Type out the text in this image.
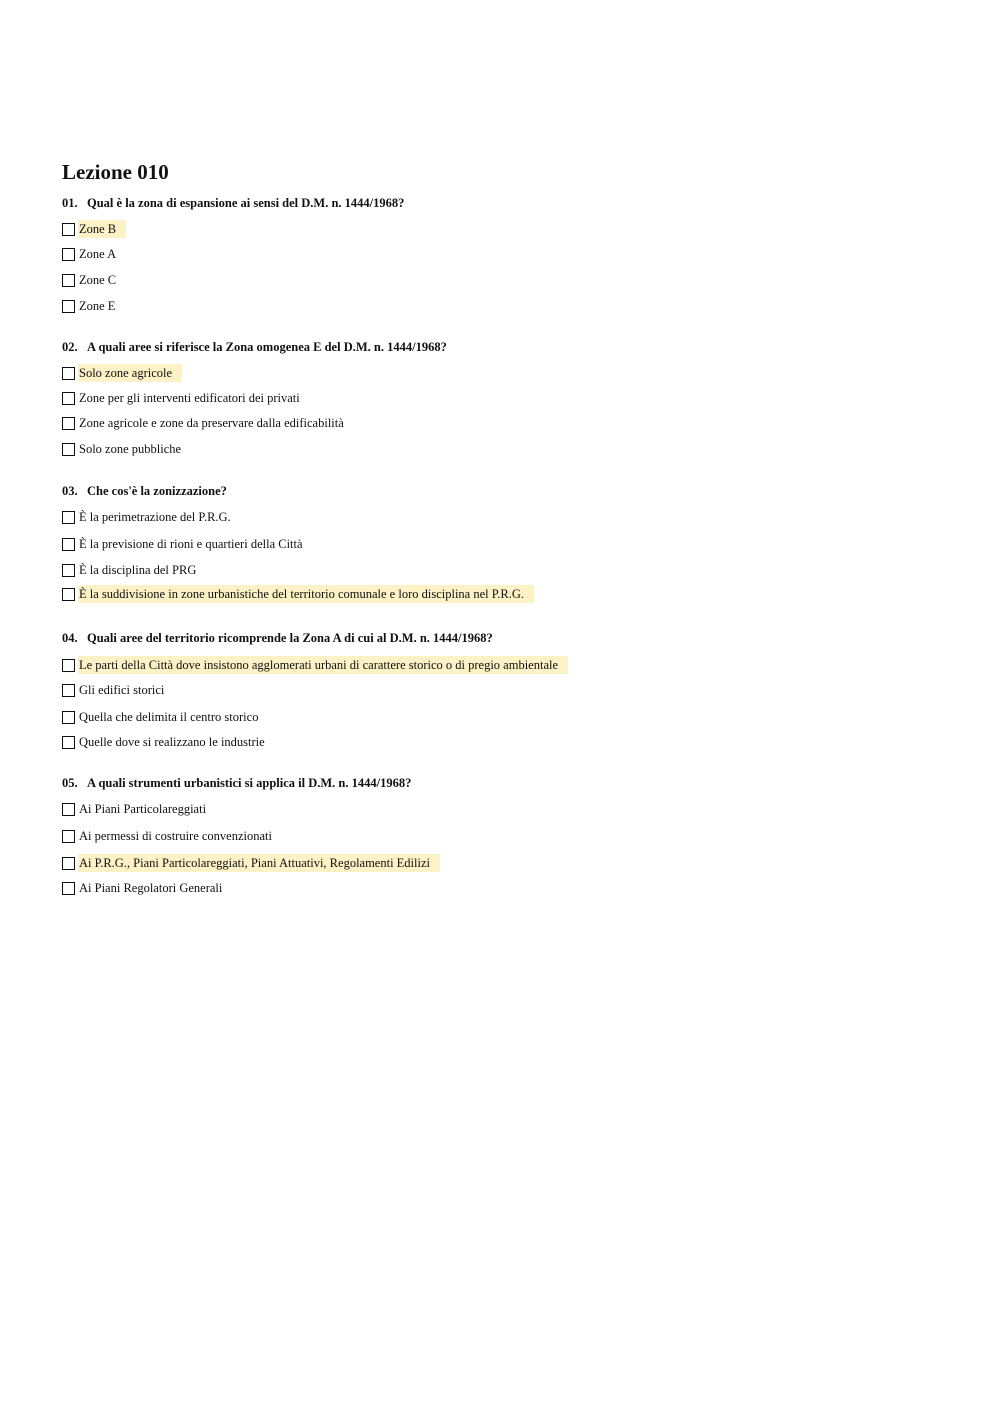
Lezione 010
01. Qual è la zona di espansione ai sensi del D.M. n. 1444/1968?
Zone B
Zone A
Zone C
Zone E
02. A quali aree si riferisce la Zona omogenea E del D.M. n. 1444/1968?
Solo zone agricole
Zone per gli interventi edificatori dei privati
Zone agricole e zone da preservare dalla edificabilità
Solo zone pubbliche
03. Che cos'è la zonizzazione?
È la perimetrazione del P.R.G.
È la previsione di rioni e quartieri della Città
È la disciplina del PRG
È la suddivisione in zone urbanistiche del territorio comunale e loro disciplina nel P.R.G.
04. Quali aree del territorio ricomprende la Zona A di cui al D.M. n. 1444/1968?
Le parti della Città dove insistono agglomerati urbani di carattere storico o di pregio ambientale
Gli edifici storici
Quella che delimita il centro storico
Quelle dove si realizzano le industrie
05. A quali strumenti urbanistici si applica il D.M. n. 1444/1968?
Ai Piani Particolareggiati
Ai permessi di costruire convenzionati
Ai P.R.G., Piani Particolareggiati, Piani Attuativi, Regolamenti Edilizi
Ai Piani Regolatori Generali
